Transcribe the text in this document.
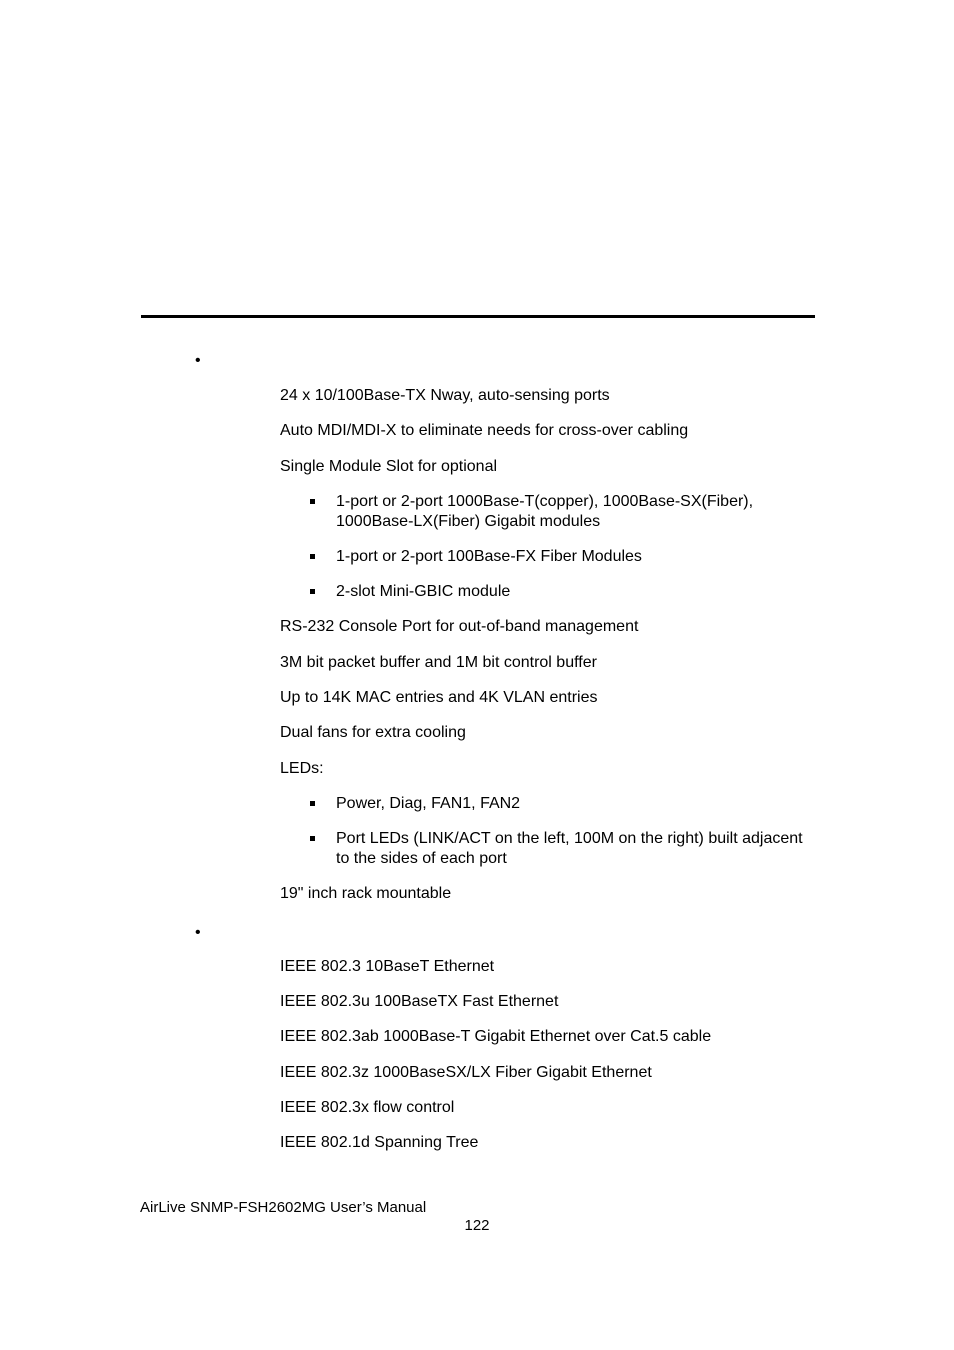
•
24 x 10/100Base-TX Nway, auto-sensing ports
Auto MDI/MDI-X to eliminate needs for cross-over cabling
Single Module Slot for optional
1-port or 2-port 1000Base-T(copper), 1000Base-SX(Fiber), 1000Base-LX(Fiber) Gigabit modules
1-port or 2-port 100Base-FX Fiber Modules
2-slot Mini-GBIC module
RS-232 Console Port for out-of-band management
3M bit packet buffer and 1M bit control buffer
Up to 14K MAC entries and 4K VLAN entries
Dual fans for extra cooling
LEDs:
Power, Diag, FAN1, FAN2
Port LEDs (LINK/ACT on the left, 100M on the right) built adjacent to the sides of each port
19" inch rack mountable
•
IEEE 802.3 10BaseT Ethernet
IEEE 802.3u 100BaseTX Fast Ethernet
IEEE 802.3ab 1000Base-T Gigabit Ethernet over Cat.5 cable
IEEE 802.3z 1000BaseSX/LX Fiber Gigabit Ethernet
IEEE 802.3x flow control
IEEE 802.1d Spanning Tree
AirLive SNMP-FSH2602MG User’s Manual
122
